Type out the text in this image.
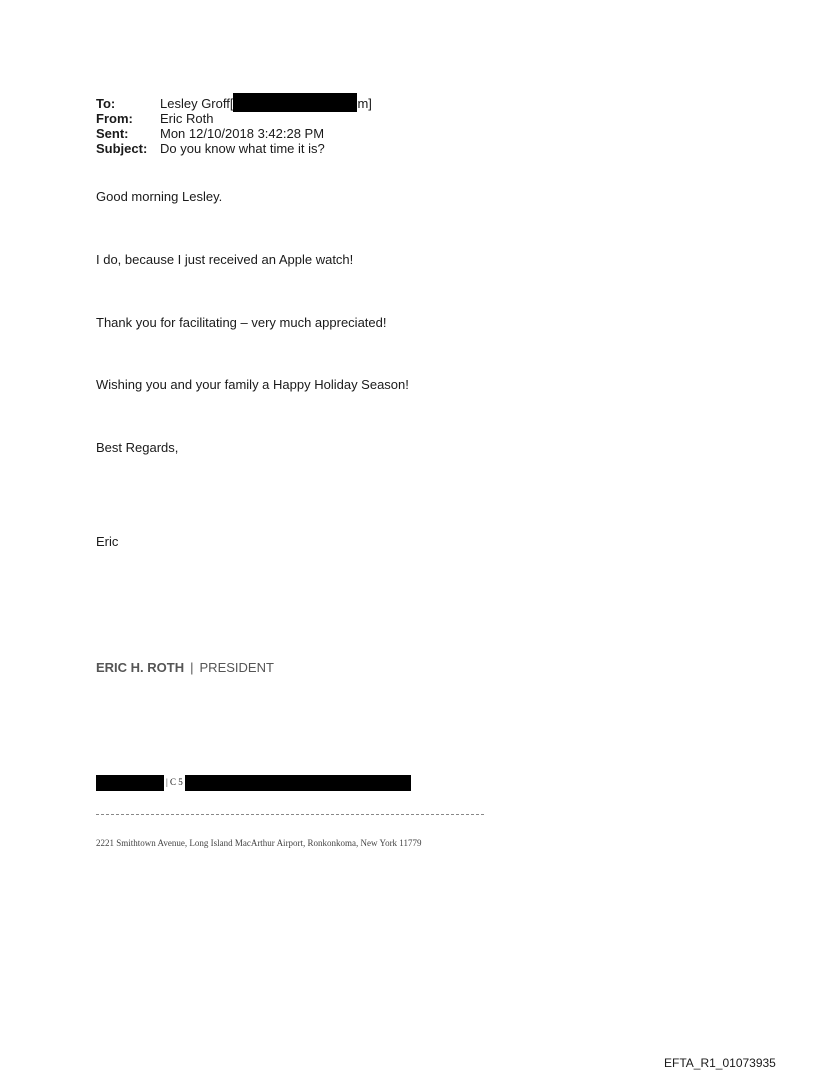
To:	Lesley Groff[	m]
From:	Eric Roth
Sent:	Mon 12/10/2018 3:42:28 PM
Subject: Do you know what time it is?
Good morning Lesley.
I do, because I just received an Apple watch!
Thank you for facilitating – very much appreciated!
Wishing you and your family a Happy Holiday Season!
Best Regards,
Eric
ERIC H. ROTH | PRESIDENT
| C 5
2221 Smithtown Avenue, Long Island MacArthur Airport, Ronkonkoma, New York 11779
EFTA_R1_01073935
